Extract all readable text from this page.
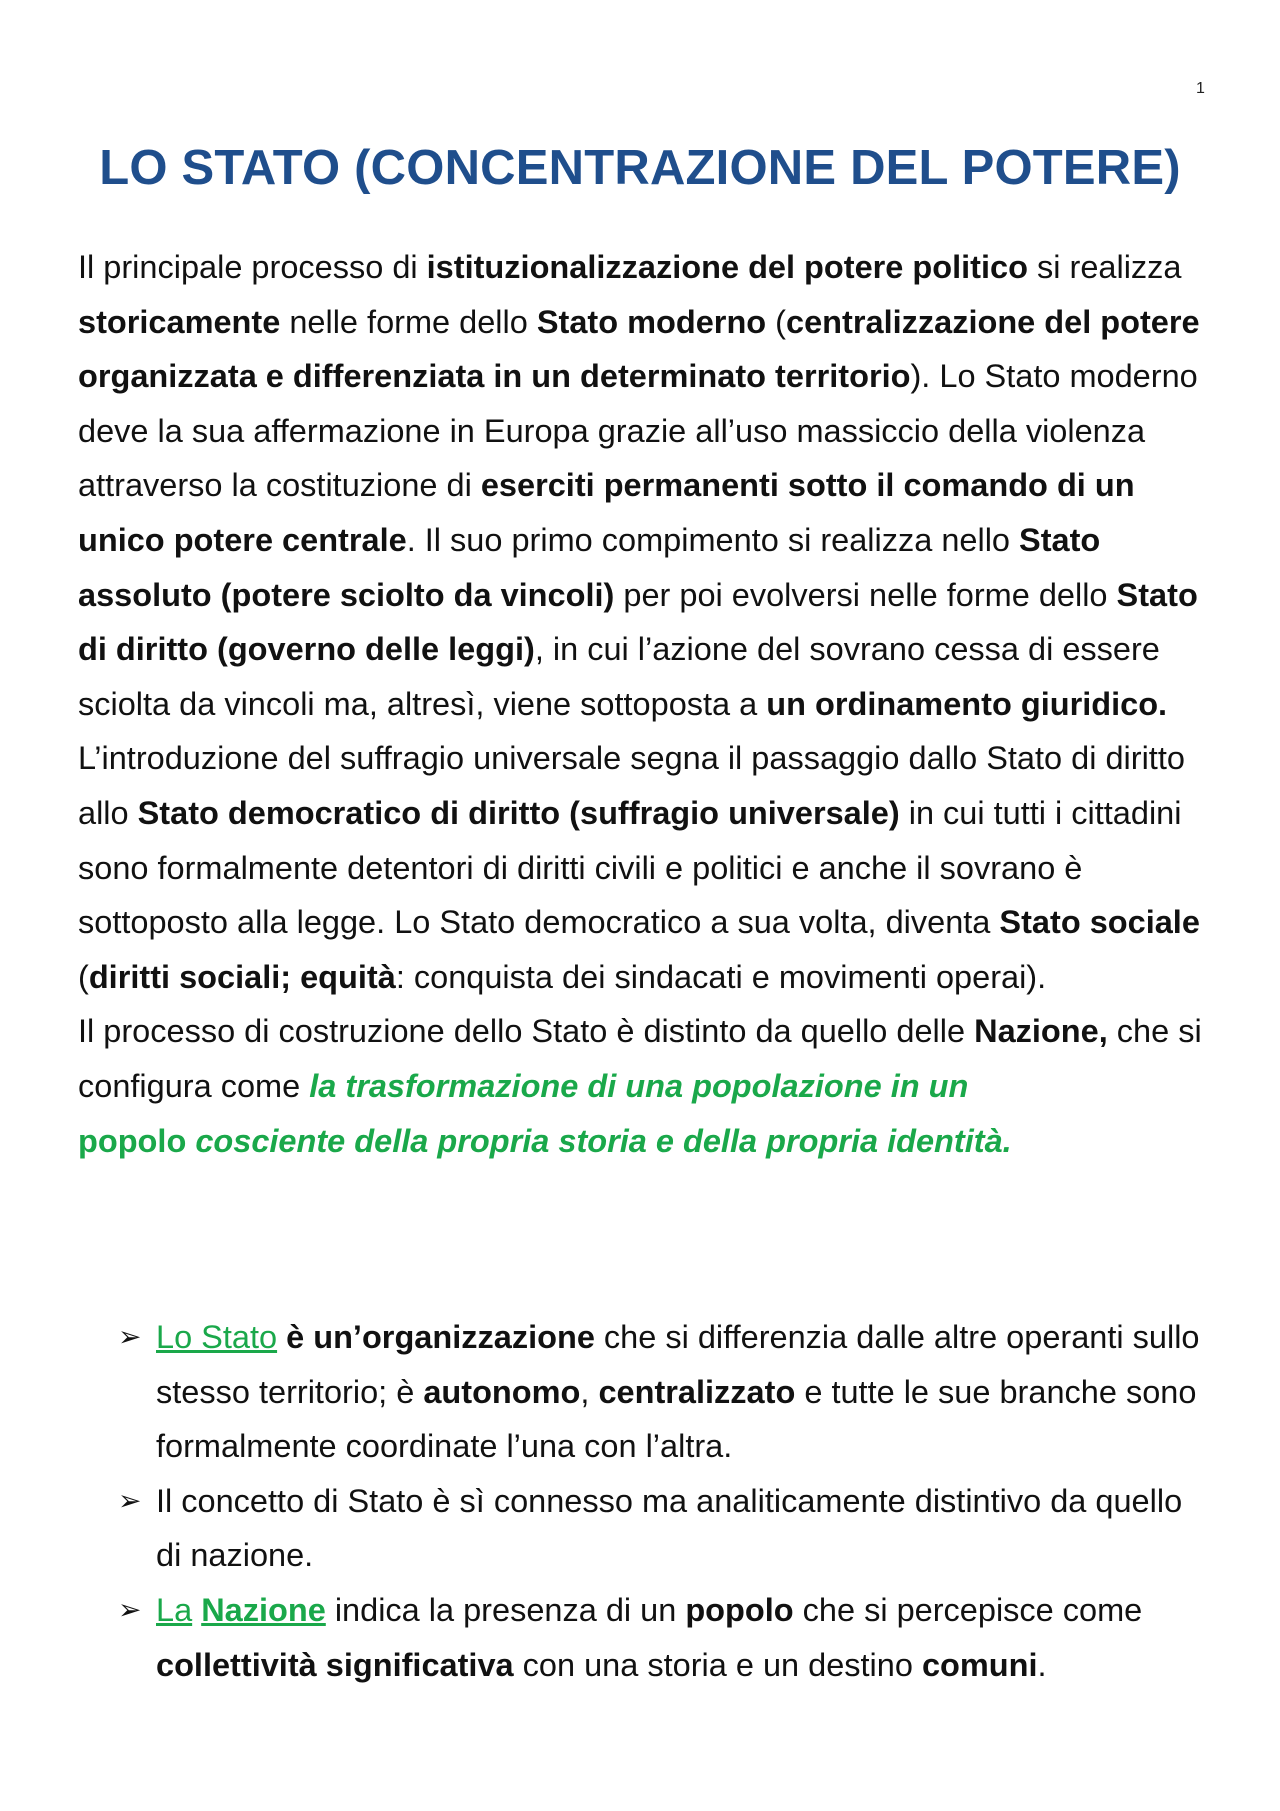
1
LO STATO (CONCENTRAZIONE DEL POTERE)

Il principale processo di istituzionalizzazione del potere politico si realizza storicamente nelle forme dello Stato moderno (centralizzazione del potere organizzata e differenziata in un determinato territorio). Lo Stato moderno deve la sua affermazione in Europa grazie all’uso massiccio della violenza attraverso la costituzione di eserciti permanenti sotto il comando di un unico potere centrale. Il suo primo compimento si realizza nello Stato assoluto (potere sciolto da vincoli) per poi evolversi nelle forme dello Stato di diritto (governo delle leggi), in cui l’azione del sovrano cessa di essere sciolta da vincoli ma, altresì, viene sottoposta a un ordinamento giuridico.

L’introduzione del suffragio universale segna il passaggio dallo Stato di diritto allo Stato democratico di diritto (suffragio universale) in cui tutti i cittadini sono formalmente detentori di diritti civili e politici e anche il sovrano è sottoposto alla legge. Lo Stato democratico a sua volta, diventa Stato sociale (diritti sociali; equità: conquista dei sindacati e movimenti operai).

Il processo di costruzione dello Stato è distinto da quello delle Nazione, che si configura come la trasformazione di una popolazione in un
popolo cosciente della propria storia e della propria identità.

➢ Lo Stato è un’organizzazione che si differenzia dalle altre operanti sullo stesso territorio; è autonomo, centralizzato e tutte le sue branche sono formalmente coordinate l’una con l’altra.
➢ Il concetto di Stato è sì connesso ma analiticamente distintivo da quello di nazione.
➢ La Nazione indica la presenza di un popolo che si percepisce come collettività significativa con una storia e un destino comuni.
